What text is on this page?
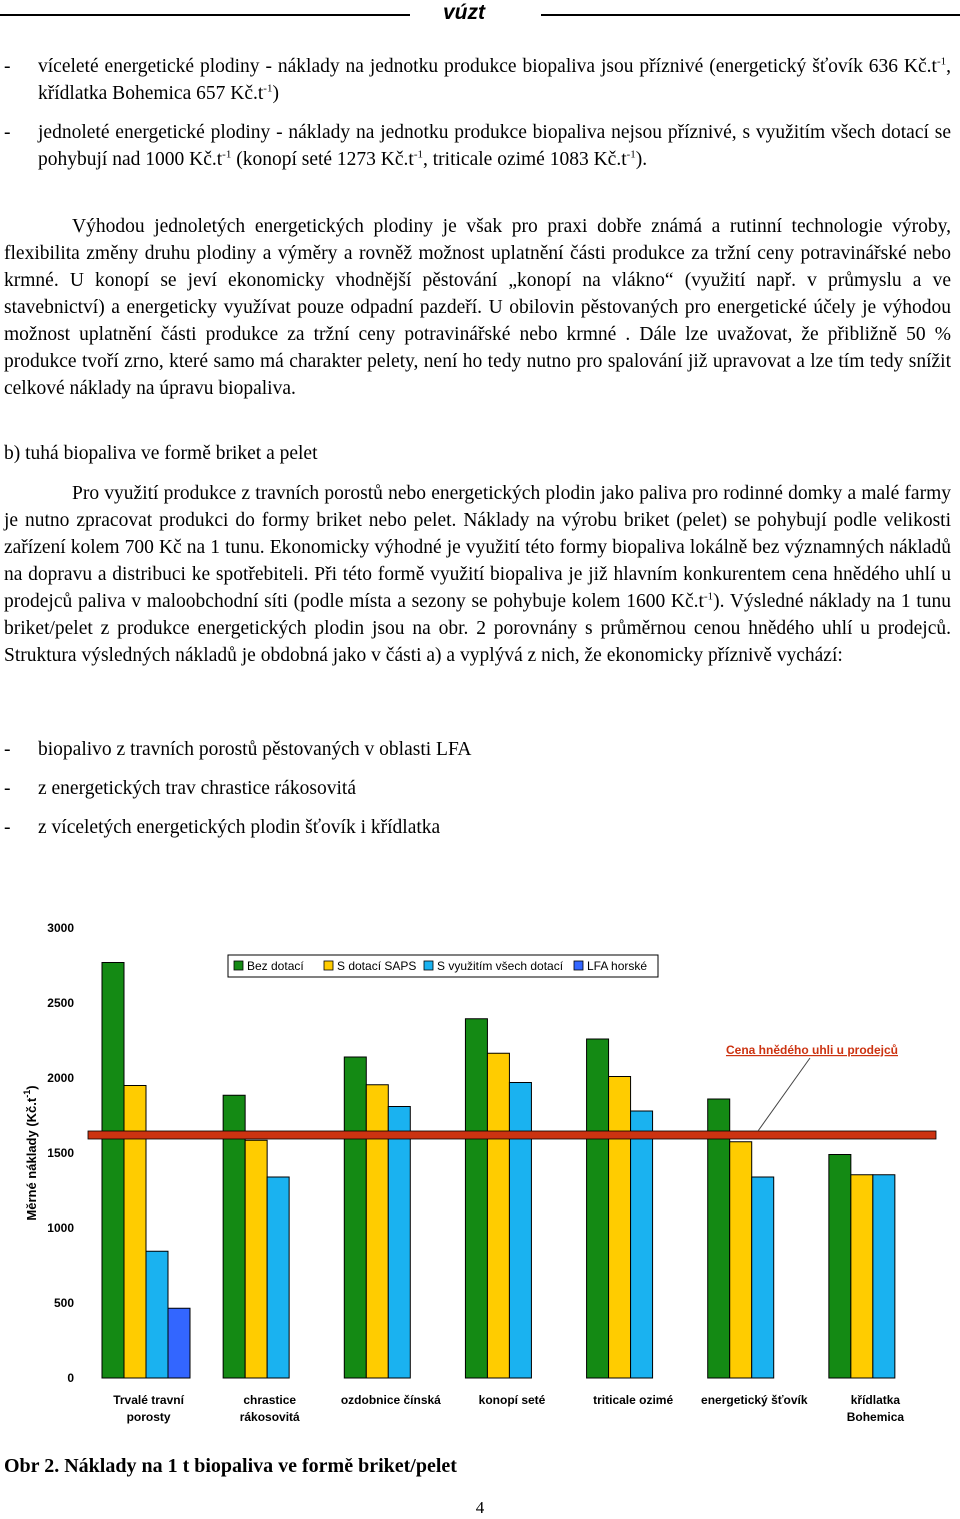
vúzt
- víceleté energetické plodiny - náklady na jednotku produkce biopaliva jsou příznivé (energetický šťovík 636 $Kč.t^{-1}$, křídlatka Bohemica 657 $Kč.t^{-1}$)
- jednoleté energetické plodiny - náklady na jednotku produkce biopaliva nejsou příznivé, s využitím všech dotací se pohybují nad 1000 $Kč.t^{-1}$ (konopí seté 1273 $Kč.t^{-1}$, triticale ozimé 1083 $Kč.t^{-1}$).
Výhodou jednoletých energetických plodiny je však pro praxi dobře známá a rutinní technologie výroby, flexibilita změny druhu plodiny a výměry a rovněž možnost uplatnění části produkce za tržní ceny potravinářské nebo krmné. U konopí se jeví ekonomicky vhodnější pěstování „konopí na vlákno“ (využití např. v průmyslu a ve stavebnictví) a energeticky využívat pouze odpadní pazdeří. U obilovin pěstovaných pro energetické účely je výhodou možnost uplatnění části produkce za tržní ceny potravinářské nebo krmné . Dále lze uvažovat, že přibližně 50 % produkce tvoří zrno, které samo má charakter pelety, není ho tedy nutno pro spalování již upravovat a lze tím tedy snížit celkové náklady na úpravu biopaliva.
b) tuhá biopaliva ve formě briket a pelet
Pro využití produkce z travních porostů nebo energetických plodin jako paliva pro rodinné domky a malé farmy je nutno zpracovat produkci do formy briket nebo pelet. Náklady na výrobu briket (pelet) se pohybují podle velikosti zařízení kolem 700 Kč na 1 tunu. Ekonomicky výhodné je využití této formy biopaliva lokálně bez významných nákladů na dopravu a distribuci ke spotřebiteli. Při této formě využití biopaliva je již hlavním konkurentem cena hnědého uhlí u prodejců paliva v maloobchodní síti (podle místa a sezony se pohybuje kolem 1600 $Kč.t^{-1}$). Výsledné náklady na 1 tunu briket/pelet z produkce energetických plodin jsou na obr. 2 porovnány s průměrnou cenou hnědého uhlí u prodejců. Struktura výsledných nákladů je obdobná jako v části a) a vyplývá z nich, že ekonomicky příznivě vychází:
- biopalivo z travních porostů pěstovaných v oblasti LFA
- z energetických trav chrastice rákosovitá
- z víceletých energetických plodin šťovík i křídlatka
0
500
1000
1500
2000
2500
3000
Měrné náklady $(Kč.t^{-1})$
Trvalé travní
porosty
chrastice
rákosovitá
ozdobnice čínská	konopí seté	triticale ozimé energetický šťovík	křídlatka
Bohemica
Cena hnědého uhli u prodejců
Bez dotací	S dotací SAPS S využitím všech dotací LFA horské
Obr 2. Náklady na 1 t biopaliva ve formě briket/pelet
4
